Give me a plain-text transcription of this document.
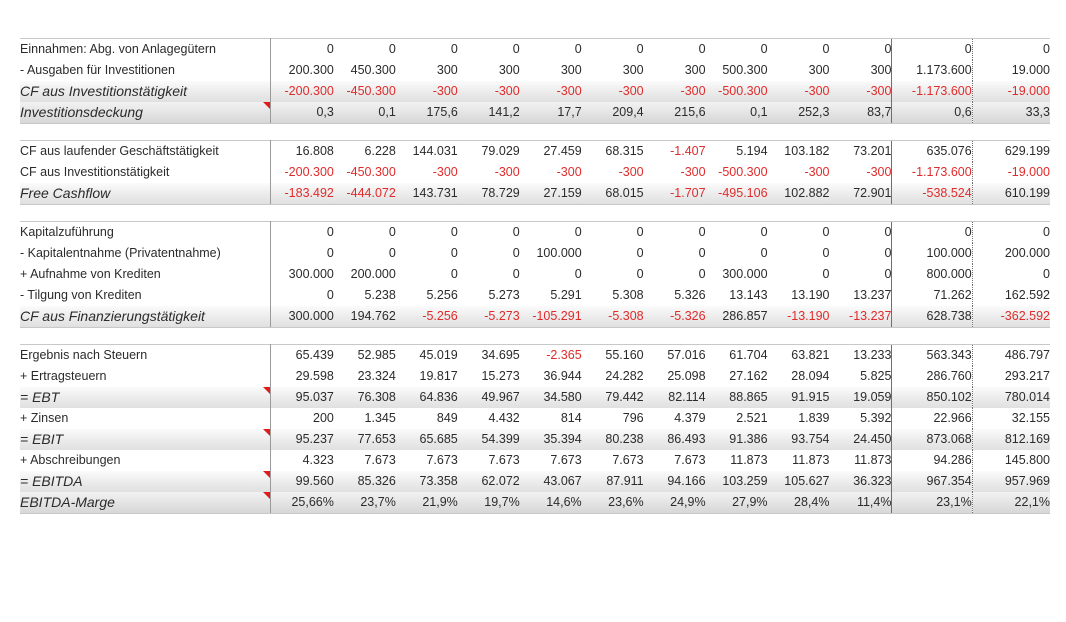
Einnahmen: Abg. von Anlagegütern	0	0	0	0	0	0	0	0	0	0	0	0
- Ausgaben für Investitionen	200.300	450.300	300	300	300	300	300	500.300	300	300	1.173.600	19.000
CF aus Investitionstätigkeit	-200.300	-450.300	-300	-300	-300	-300	-300	-500.300	-300	-300	-1.173.600	-19.000
Investitionsdeckung	0,3	0,1	175,6	141,2	17,7	209,4	215,6	0,1	252,3	83,7	0,6	33,3

CF aus laufender Geschäftstätigkeit	16.808	6.228	144.031	79.029	27.459	68.315	-1.407	5.194	103.182	73.201	635.076	629.199
CF aus Investitionstätigkeit	-200.300	-450.300	-300	-300	-300	-300	-300	-500.300	-300	-300	-1.173.600	-19.000
Free Cashflow	-183.492	-444.072	143.731	78.729	27.159	68.015	-1.707	-495.106	102.882	72.901	-538.524	610.199

Kapitalzuführung	0	0	0	0	0	0	0	0	0	0	0	0
- Kapitalentnahme (Privatentnahme)	0	0	0	0	100.000	0	0	0	0	0	100.000	200.000
+ Aufnahme von Krediten	300.000	200.000	0	0	0	0	0	300.000	0	0	800.000	0
- Tilgung von Krediten	0	5.238	5.256	5.273	5.291	5.308	5.326	13.143	13.190	13.237	71.262	162.592
CF aus Finanzierungstätigkeit	300.000	194.762	-5.256	-5.273	-105.291	-5.308	-5.326	286.857	-13.190	-13.237	628.738	-362.592

Ergebnis nach Steuern	65.439	52.985	45.019	34.695	-2.365	55.160	57.016	61.704	63.821	13.233	563.343	486.797
+ Ertragsteuern	29.598	23.324	19.817	15.273	36.944	24.282	25.098	27.162	28.094	5.825	286.760	293.217
= EBT	95.037	76.308	64.836	49.967	34.580	79.442	82.114	88.865	91.915	19.059	850.102	780.014
+ Zinsen	200	1.345	849	4.432	814	796	4.379	2.521	1.839	5.392	22.966	32.155
= EBIT	95.237	77.653	65.685	54.399	35.394	80.238	86.493	91.386	93.754	24.450	873.068	812.169
+ Abschreibungen	4.323	7.673	7.673	7.673	7.673	7.673	7.673	11.873	11.873	11.873	94.286	145.800
= EBITDA	99.560	85.326	73.358	62.072	43.067	87.911	94.166	103.259	105.627	36.323	967.354	957.969
EBITDA-Marge	25,66%	23,7%	21,9%	19,7%	14,6%	23,6%	24,9%	27,9%	28,4%	11,4%	23,1%	22,1%
